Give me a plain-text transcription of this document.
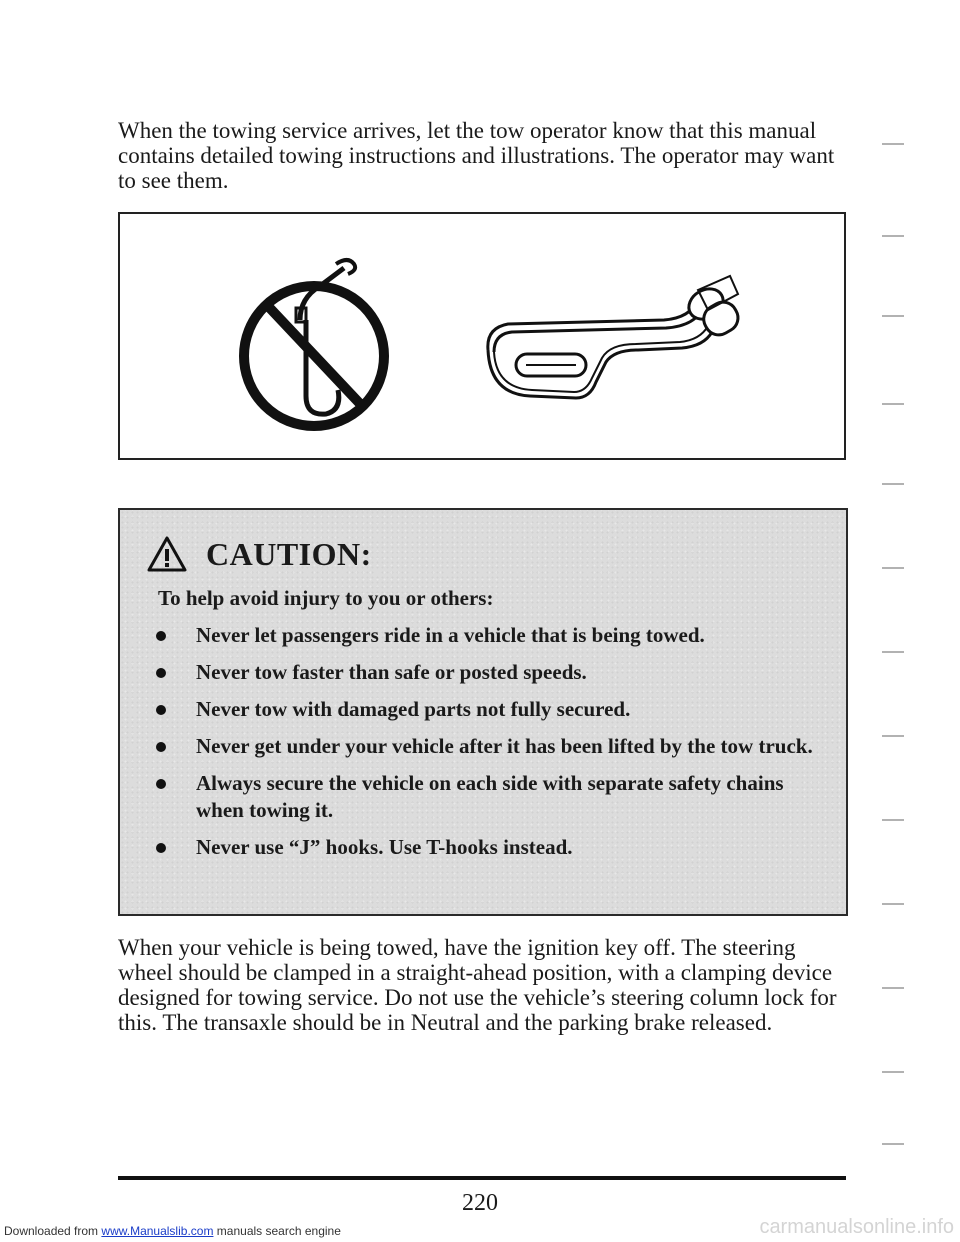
When the towing service arrives, let the tow operator know that this manual contains detailed towing instructions and illustrations. The operator may want to see them.

CAUTION:
To help avoid injury to you or others:
Never let passengers ride in a vehicle that is being towed.
Never tow faster than safe or posted speeds.
Never tow with damaged parts not fully secured.
Never get under your vehicle after it has been lifted by the tow truck.
Always secure the vehicle on each side with separate safety chains when towing it.
Never use “J” hooks. Use T-hooks instead.

When your vehicle is being towed, have the ignition key off. The steering wheel should be clamped in a straight-ahead position, with a clamping device designed for towing service. Do not use the vehicle’s steering column lock for this. The transaxle should be in Neutral and the parking brake released.

220
Downloaded from www.Manualslib.com manuals search engine	carmanualsonline.info
